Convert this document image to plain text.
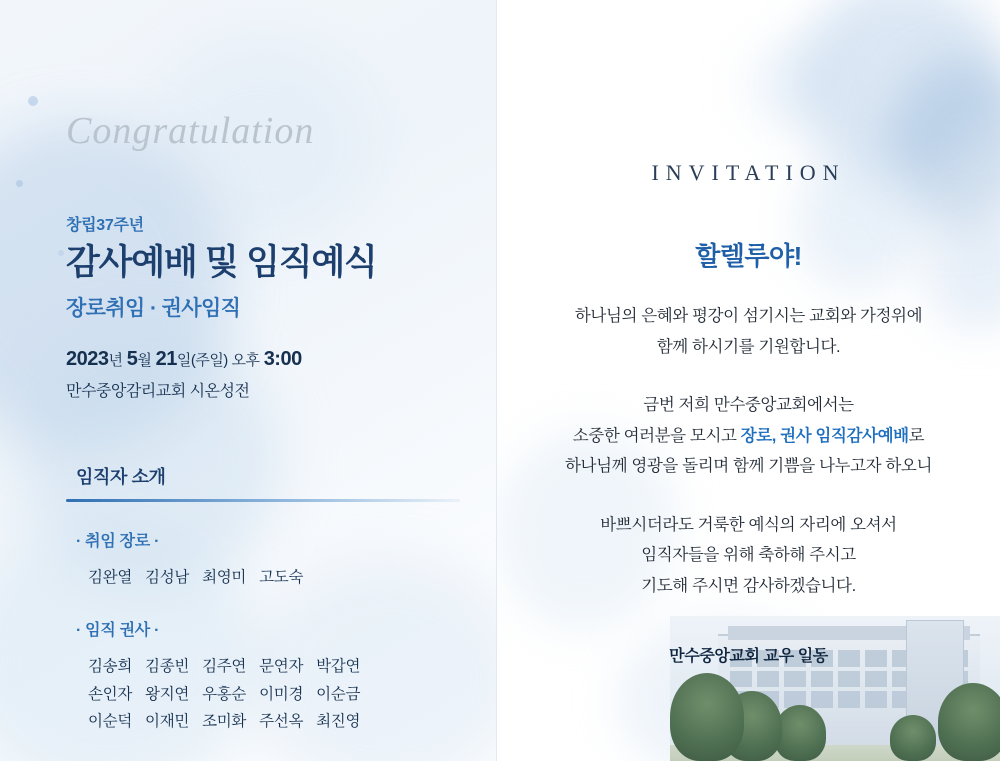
Congratulation
창립37주년
감사예배 및 임직예식
장로취임 · 권사임직
2023년 5월 21일(주일) 오후 3:00
만수중앙감리교회 시온성전
임직자 소개
· 취임 장로 ·
김완열 김성남 최영미 고도숙
· 임직 권사 ·
김송희 김종빈 김주연 문연자 박갑연
손인자 왕지연 우홍순 이미경 이순금
이순덕 이재민 조미화 주선옥 최진영
INVITATION
할렐루야!
하나님의 은혜와 평강이 섬기시는 교회와 가정위에
함께 하시기를 기원합니다.
금번 저희 만수중앙교회에서는
소중한 여러분을 모시고 장로, 권사 임직감사예배로
하나님께 영광을 돌리며 함께 기쁨을 나누고자 하오니
바쁘시더라도 거룩한 예식의 자리에 오셔서
임직자들을 위해 축하해 주시고
기도해 주시면 감사하겠습니다.
만수중앙교회 교우 일동
